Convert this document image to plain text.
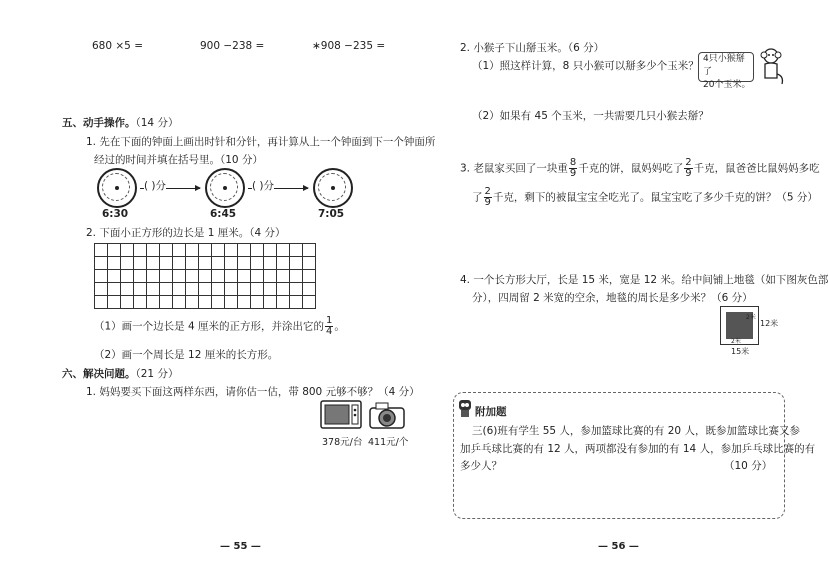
680 ×5 =	900 −238 =	∗908 −235 =
五、动手操作。（14 分）
1. 先在下面的钟面上画出时针和分针，再计算从上一个钟面到下一个钟面所
经过的时间并填在括号里。（10 分）
6:30
( )分
6:45
( )分
7:05
2. 下面小正方形的边长是 1 厘米。（4 分）
（1）画一个边长是 4 厘米的正方形，并涂出它的 $\frac{1}{4}$ 。
（2）画一个周长是 12 厘米的长方形。
六、解决问题。（21 分）
1. 妈妈要买下面这两样东西，请你估一估，带 800 元够不够？（4 分）
378元/台 411元/个
— 55 —
2. 小猴子下山掰玉米。（6 分）
（1）照这样计算，8 只小猴可以掰多少个玉米？
4只小猴掰了
20个玉米。
（2）如果有 45 个玉米，一共需要几只小猴去掰？
3. 老鼠家买回了一块重 $\frac{8}{9}$ 千克的饼，鼠妈妈吃了 $\frac{2}{9}$ 千克，鼠爸爸比鼠妈妈多吃
了 $\frac{2}{9}$ 千克，剩下的被鼠宝宝全吃光了。鼠宝宝吃了多少千克的饼？（5 分）
4. 一个长方形大厅，长是 15 米，宽是 12 米。给中间铺上地毯（如下图灰色部
分），四周留 2 米宽的空余，地毯的周长是多少米？（6 分）
12米
2米
2米
15米
附加题
三(6)班有学生 55 人，参加篮球比赛的有 20 人，既参加篮球比赛又参
加乒乓球比赛的有 12 人，两项都没有参加的有 14 人，参加乒乓球比赛的有
多少人？	（10 分）
— 56 —
